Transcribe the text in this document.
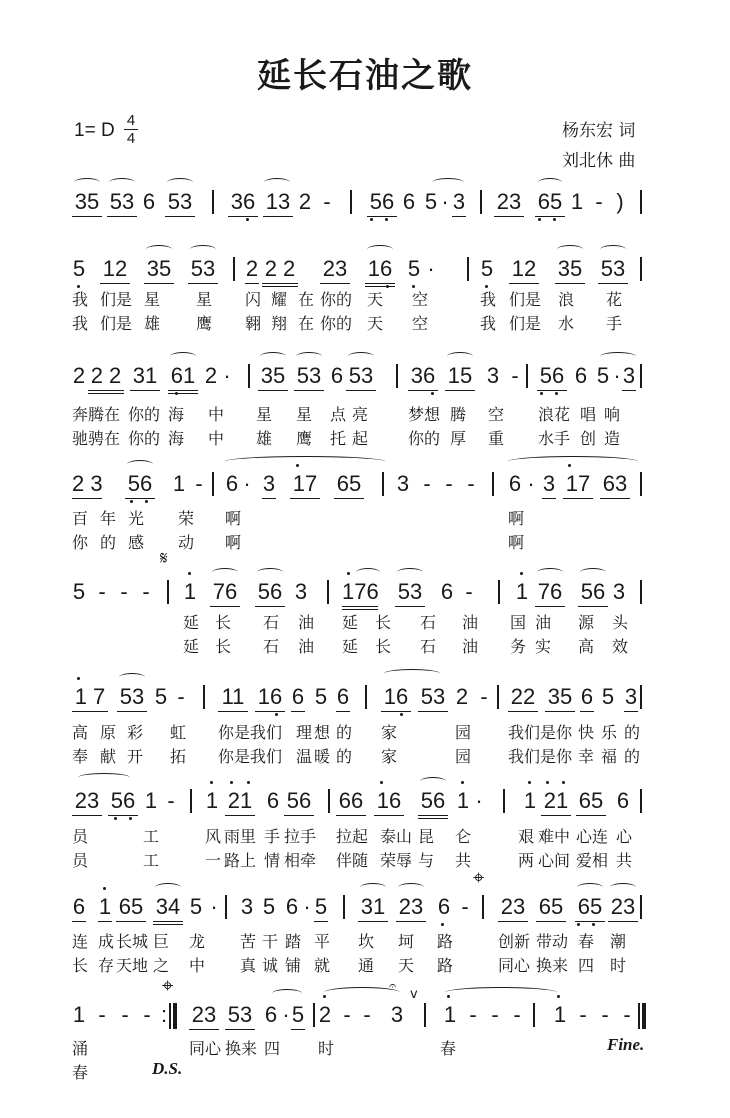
延长石油之歌
1= D 4
4	杨东宏 词
刘北休 曲
35 53 6 53 36 13 2 - 56 6 5 · 3 23 65 1 - )
5 12 35 53 2 2 2 23 16 5 · 5 12 35 53
我 们是 星 星 闪 耀 在 你的 天 空	我 们是 浪 花
我 们是 雄 鹰 翱 翔 在 你的 天 空	我 们是 水 手
2 2 2 31 61 2 · 35 53 6 53 36 15 3 - 56 6 5 · 3
奔腾在 你的 海 中 星 星 点 亮 梦想 腾 空 浪花 唱 响
驰骋在 你的 海 中 雄 鹰 托 起 你的 厚 重 水手 创 造
2 3 56 1 - 6 · 3 17 65 3 - - - 6 · 3 17 63
百 年 光 荣 啊	啊
你 的 感 动 啊	啊
5 - - - 1 76 56 3 176 53 6 - 1 76 56 3
𝄋
延 长 石 油 延 长 石 油 国 油 源 头
延 长 石 油 延 长 石 油 务 实 高 效
1 7 53 5 - 11 16 6 5 6 16 53 2 - 22 35 6 5 3
高 原 彩 虹 你是 我们 理 想 的 家	园 我们是你 快 乐 的
奉 献 开 拓 你是 我们 温 暖 的 家	园 我们是你 幸 福 的
23 56 1 - 1 21 6 56 66 16 56 1 · 1 21 65 6
员	工	风 雨里 手 拉手 拉起 泰山 昆 仑	艰 难中 心连 心
员	工	一 路上 情 相牵 伴随 荣辱 与 共	两 心间 爱相 共
6 1 65 34 5 · 3 5 6 · 5 31 23 6 - 23 65 65 23
⌖
连 成 长城 巨 龙 苦 干 踏 平 坎 坷 路	创新 带动 春 潮
长 存 天地 之 中 真 诚 铺 就 通 天 路	同心 换来 四 时
1 - - - : 23 53 6 · 5 2 - - 3 1 - - - 1 - - -
𝄐
v
⌖
涌	同心 换来 四 时	春
春	D.S.
Fine.
